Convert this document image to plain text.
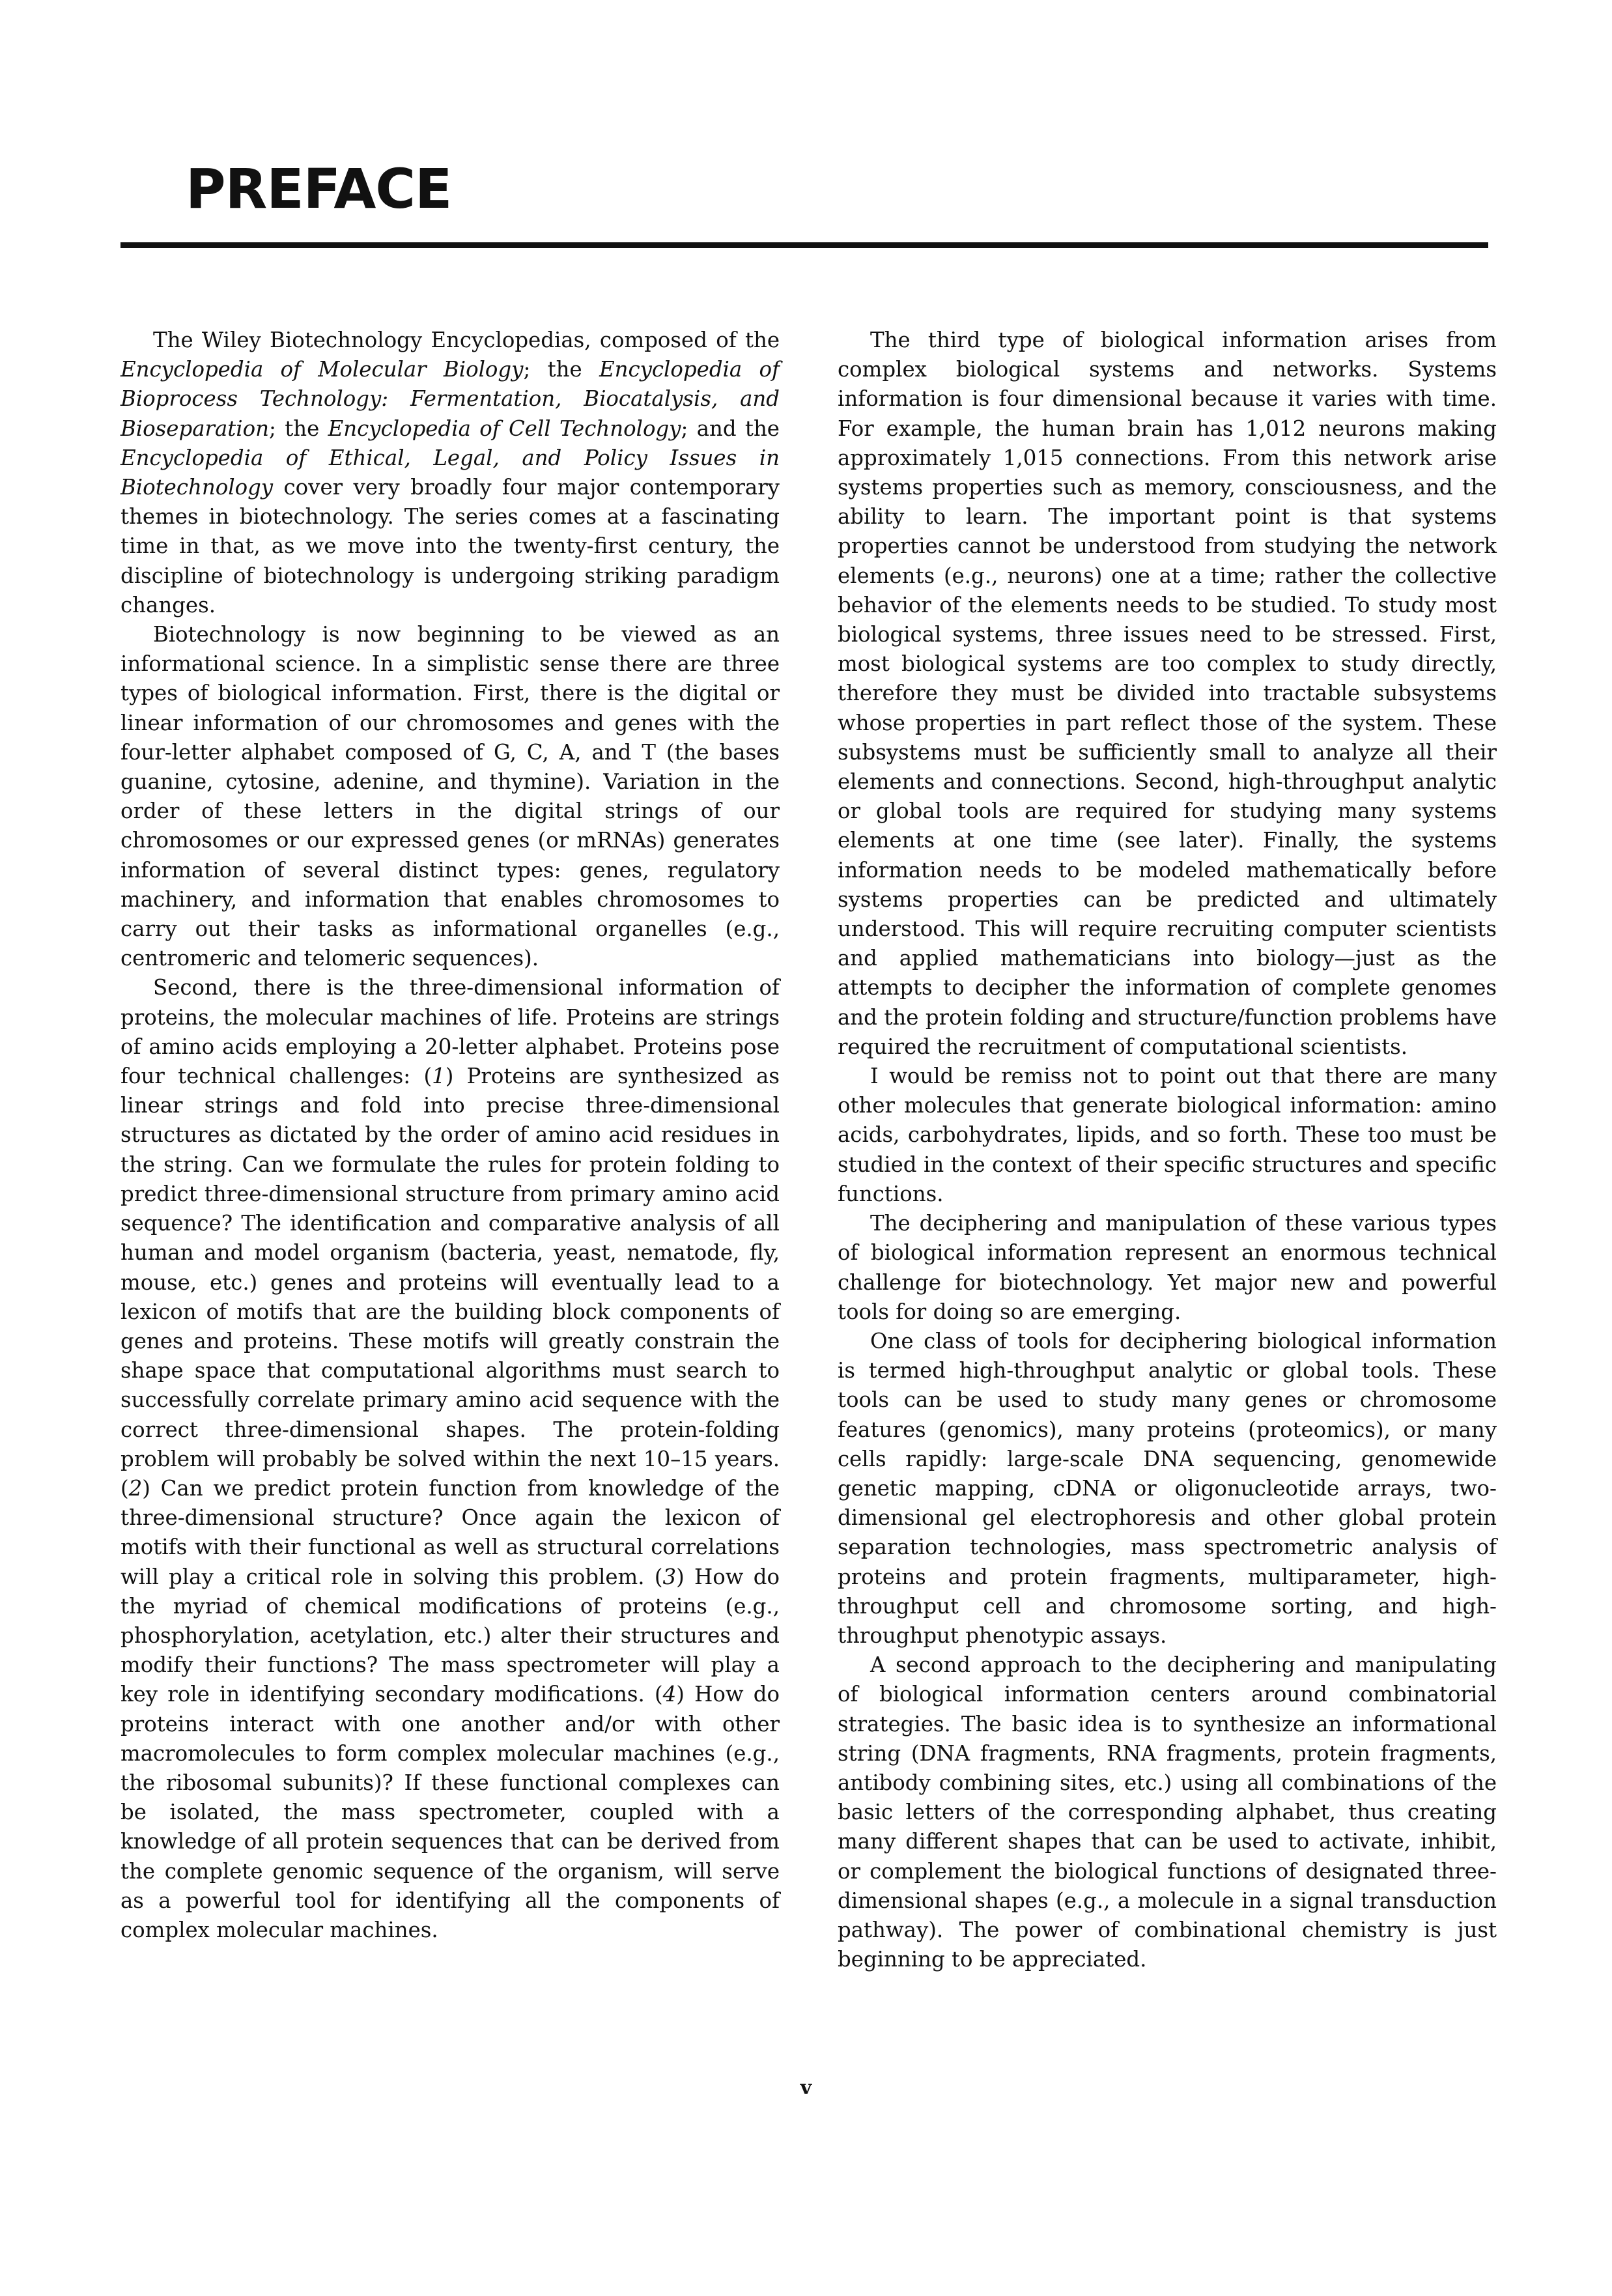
PREFACE

The Wiley Biotechnology Encyclopedias, composed of the Encyclopedia of Molecular Biology; the Encyclopedia of Bioprocess Technology: Fermentation, Biocatalysis, and Bioseparation; the Encyclopedia of Cell Technology; and the Encyclopedia of Ethical, Legal, and Policy Issues in Biotechnology cover very broadly four major contemporary themes in biotechnology. The series comes at a fascinating time in that, as we move into the twenty-first century, the discipline of biotechnology is undergoing striking paradigm changes.

Biotechnology is now beginning to be viewed as an informational science. In a simplistic sense there are three types of biological information. First, there is the digital or linear information of our chromosomes and genes with the four-letter alphabet composed of G, C, A, and T (the bases guanine, cytosine, adenine, and thymine). Variation in the order of these letters in the digital strings of our chromosomes or our expressed genes (or mRNAs) generates information of several distinct types: genes, regulatory machinery, and information that enables chromosomes to carry out their tasks as informational organelles (e.g., centromeric and telomeric sequences).

Second, there is the three-dimensional information of proteins, the molecular machines of life. Proteins are strings of amino acids employing a 20-letter alphabet. Proteins pose four technical challenges: (1) Proteins are synthesized as linear strings and fold into precise three-dimensional structures as dictated by the order of amino acid residues in the string. Can we formulate the rules for protein folding to predict three-dimensional structure from primary amino acid sequence? The identification and comparative analysis of all human and model organism (bacteria, yeast, nematode, fly, mouse, etc.) genes and proteins will eventually lead to a lexicon of motifs that are the building block components of genes and proteins. These motifs will greatly constrain the shape space that computational algorithms must search to successfully correlate primary amino acid sequence with the correct three-dimensional shapes. The protein-folding problem will probably be solved within the next 10–15 years. (2) Can we predict protein function from knowledge of the three-dimensional structure? Once again the lexicon of motifs with their functional as well as structural correlations will play a critical role in solving this problem. (3) How do the myriad of chemical modifications of proteins (e.g., phosphorylation, acetylation, etc.) alter their structures and modify their functions? The mass spectrometer will play a key role in identifying secondary modifications. (4) How do proteins interact with one another and/or with other macromolecules to form complex molecular machines (e.g., the ribosomal subunits)? If these functional complexes can be isolated, the mass spectrometer, coupled with a knowledge of all protein sequences that can be derived from the complete genomic sequence of the organism, will serve as a powerful tool for identifying all the components of complex molecular machines.

The third type of biological information arises from complex biological systems and networks. Systems information is four dimensional because it varies with time. For example, the human brain has 1,012 neurons making approximately 1,015 connections. From this network arise systems properties such as memory, consciousness, and the ability to learn. The important point is that systems properties cannot be understood from studying the network elements (e.g., neurons) one at a time; rather the collective behavior of the elements needs to be studied. To study most biological systems, three issues need to be stressed. First, most biological systems are too complex to study directly, therefore they must be divided into tractable subsystems whose properties in part reflect those of the system. These subsystems must be sufficiently small to analyze all their elements and connections. Second, high-throughput analytic or global tools are required for studying many systems elements at one time (see later). Finally, the systems information needs to be modeled mathematically before systems properties can be predicted and ultimately understood. This will require recruiting computer scientists and applied mathematicians into biology—just as the attempts to decipher the information of complete genomes and the protein folding and structure/function problems have required the recruitment of computational scientists.

I would be remiss not to point out that there are many other molecules that generate biological information: amino acids, carbohydrates, lipids, and so forth. These too must be studied in the context of their specific structures and specific functions.

The deciphering and manipulation of these various types of biological information represent an enormous technical challenge for biotechnology. Yet major new and powerful tools for doing so are emerging.

One class of tools for deciphering biological information is termed high-throughput analytic or global tools. These tools can be used to study many genes or chromosome features (genomics), many proteins (proteomics), or many cells rapidly: large-scale DNA sequencing, genomewide genetic mapping, cDNA or oligonucleotide arrays, two-dimensional gel electrophoresis and other global protein separation technologies, mass spectrometric analysis of proteins and protein fragments, multiparameter, high-throughput cell and chromosome sorting, and high-throughput phenotypic assays.

A second approach to the deciphering and manipulating of biological information centers around combinatorial strategies. The basic idea is to synthesize an informational string (DNA fragments, RNA fragments, protein fragments, antibody combining sites, etc.) using all combinations of the basic letters of the corresponding alphabet, thus creating many different shapes that can be used to activate, inhibit, or complement the biological functions of designated three-dimensional shapes (e.g., a molecule in a signal transduction pathway). The power of combinational chemistry is just beginning to be appreciated.

v
